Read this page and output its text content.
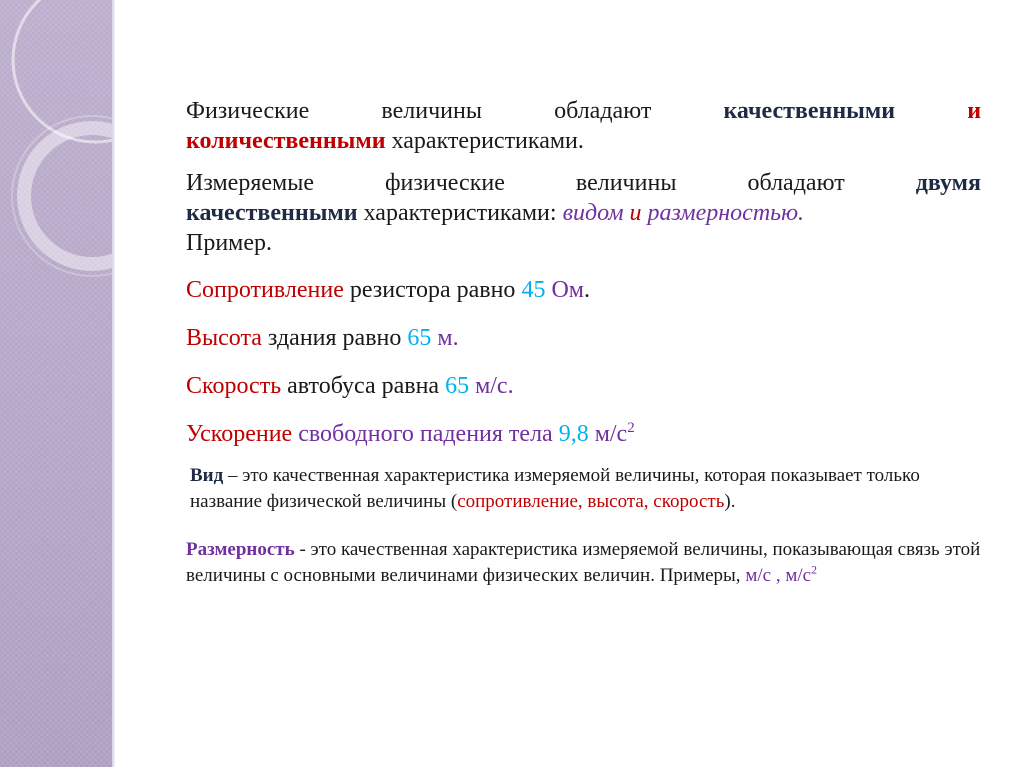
Физические	величины	обладают	качественными	и

количественными характеристиками.

Измеряемые	физические	величины	обладают	двумя

качественными характеристиками: видом и размерностью.

Пример.

Сопротивление резистора равно 45 Ом.

Высота здания равно 65 м.

Скорость автобуса равна 65 м/с.

Ускорение свободного падения тела 9,8 $м/с^2$

Вид – это качественная характеристика измеряемой величины, которая показывает только название физической величины (сопротивление, высота, скорость).

Размерность - это качественная характеристика измеряемой величины, показывающая связь этой величины с основными величинами физических величин. Примеры, м/с , $м/с^2$
